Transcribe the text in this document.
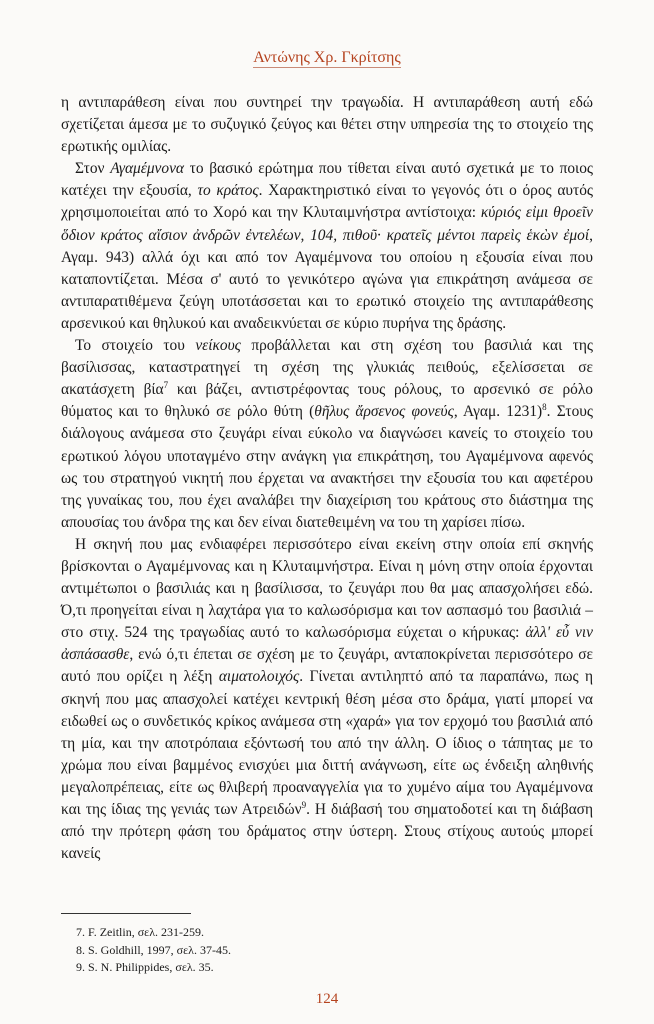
Αντώνης Χρ. Γκρίτσης

η αντιπαράθεση είναι που συντηρεί την τραγωδία. Η αντιπαράθεση αυτή εδώ σχετίζεται άμεσα με το συζυγικό ζεύγος και θέτει στην υπηρεσία της το στοιχείο της ερωτικής ομιλίας.

Στον Αγαμέμνονα το βασικό ερώτημα που τίθεται είναι αυτό σχετικά με το ποιος κατέχει την εξουσία, το κράτος. Χαρακτηριστικό είναι το γεγονός ότι ο όρος αυτός χρησιμοποιείται από το Χορό και την Κλυταιμνήστρα αντίστοιχα: κύριός εἰμι θροεῖν ὅδιον κράτος αἴσιον ἀνδρῶν ἐντελέων, 104, πιθοῦ· κρατεῖς μέντοι παρεὶς ἑκὼν ἐμοί, Αγαμ. 943) αλλά όχι και από τον Αγαμέμνονα του οποίου η εξουσία είναι που καταποντίζεται. Μέσα σ' αυτό το γενικότερο αγώνα για επικράτηση ανάμεσα σε αντιπαρατιθέμενα ζεύγη υποτάσσεται και το ερωτικό στοιχείο της αντιπαράθεσης αρσενικού και θηλυκού και αναδεικνύεται σε κύριο πυρήνα της δράσης.

Το στοιχείο του νείκους προβάλλεται και στη σχέση του βασιλιά και της βασίλισσας, καταστρατηγεί τη σχέση της γλυκιάς πειθούς, εξελίσσεται σε ακατάσχετη βία$^7$ και βάζει, αντιστρέφοντας τους ρόλους, το αρσενικό σε ρόλο θύματος και το θηλυκό σε ρόλο θύτη (θῆλυς ἄρσενος φονεύς, Αγαμ. 1231)$^8$. Στους διάλογους ανάμεσα στο ζευγάρι είναι εύκολο να διαγνώσει κανείς το στοιχείο του ερωτικού λόγου υποταγμένο στην ανάγκη για επικράτηση, του Αγαμέμνονα αφενός ως του στρατηγού νικητή που έρχεται να ανακτήσει την εξουσία του και αφετέρου της γυναίκας του, που έχει αναλάβει την διαχείριση του κράτους στο διάστημα της απουσίας του άνδρα της και δεν είναι διατεθειμένη να του τη χαρίσει πίσω.

Η σκηνή που μας ενδιαφέρει περισσότερο είναι εκείνη στην οποία επί σκηνής βρίσκονται ο Αγαμέμνονας και η Κλυταιμνήστρα. Είναι η μόνη στην οποία έρχονται αντιμέτωποι ο βασιλιάς και η βασίλισσα, το ζευγάρι που θα μας απασχολήσει εδώ. Ό,τι προηγείται είναι η λαχτάρα για το καλωσόρισμα και τον ασπασμό του βασιλιά –στο στιχ. 524 της τραγωδίας αυτό το καλωσόρισμα εύχεται ο κήρυκας: ἀλλ' εὖ νιν ἀσπάσασθε, ενώ ό,τι έπεται σε σχέση με το ζευγάρι, ανταποκρίνεται περισσότερο σε αυτό που ορίζει η λέξη αιματολοιχός. Γίνεται αντιληπτό από τα παραπάνω, πως η σκηνή που μας απασχολεί κατέχει κεντρική θέση μέσα στο δράμα, γιατί μπορεί να ειδωθεί ως ο συνδετικός κρίκος ανάμεσα στη «χαρά» για τον ερχομό του βασιλιά από τη μία, και την αποτρόπαια εξόντωσή του από την άλλη. Ο ίδιος ο τάπητας με το χρώμα που είναι βαμμένος ενισχύει μια διττή ανάγνωση, είτε ως ένδειξη αληθινής μεγαλοπρέπειας, είτε ως θλιβερή προαναγγελία για το χυμένο αίμα του Αγαμέμνονα και της ίδιας της γενιάς των Ατρειδών$^9$. Η διάβασή του σηματοδοτεί και τη διάβαση από την πρότερη φάση του δράματος στην ύστερη. Στους στίχους αυτούς μπορεί κανείς

7. F. Zeitlin, σελ. 231-259.
8. S. Goldhill, 1997, σελ. 37-45.
9. S. N. Philippides, σελ. 35.
124
